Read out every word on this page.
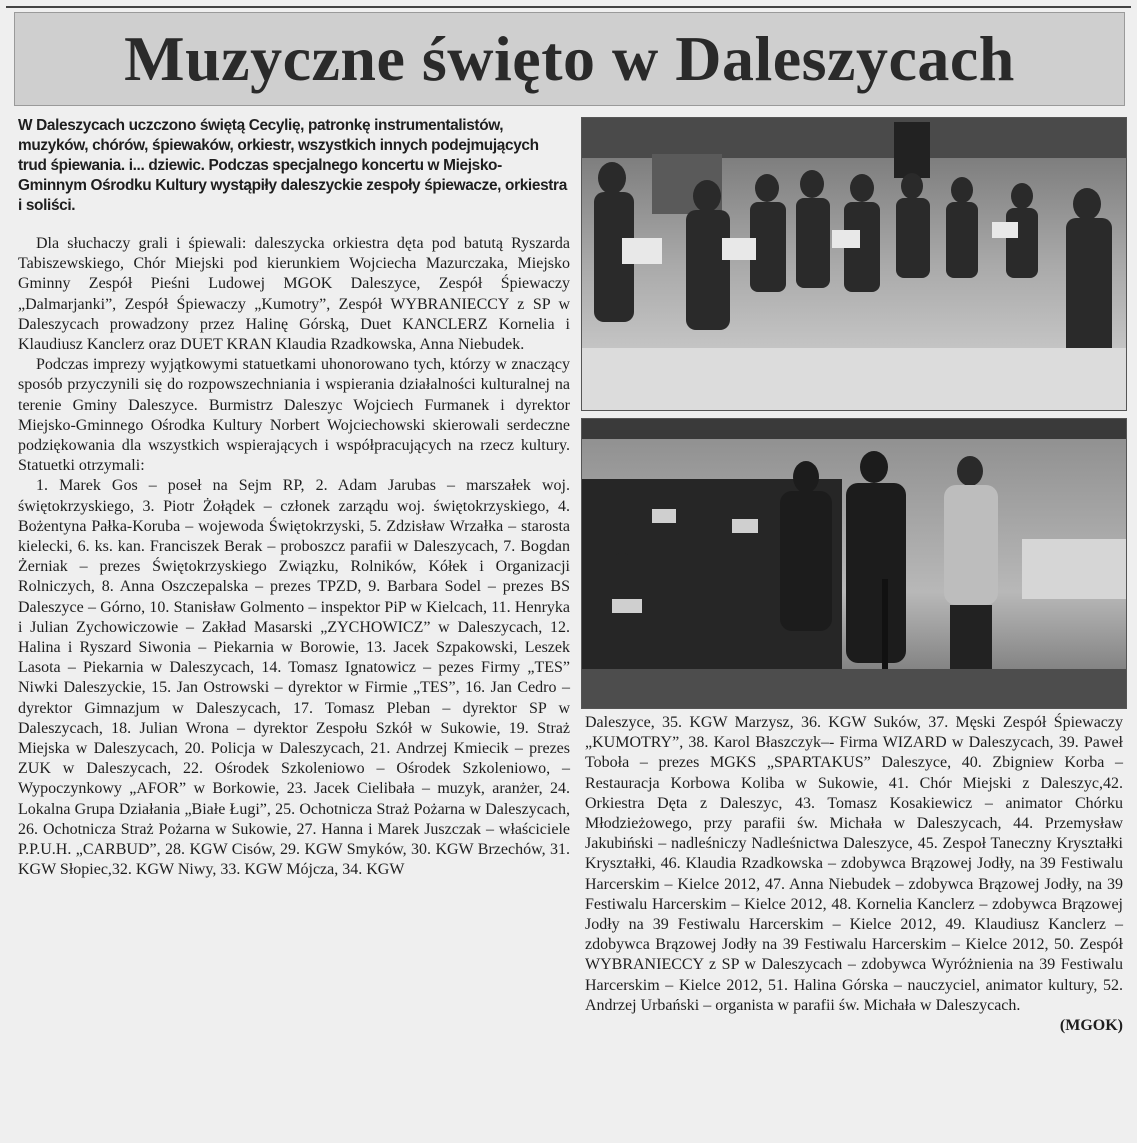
Muzyczne święto w Daleszycach

W Daleszycach uczczono świętą Cecylię, patronkę instrumentalistów, muzyków, chórów, śpiewaków, orkiestr, wszystkich innych podejmujących trud śpiewania. i... dziewic. Podczas specjalnego koncertu w Miejsko-Gminnym Ośrodku Kultury wystąpiły daleszyckie zespoły śpiewacze, orkiestra i soliści.

Dla słuchaczy grali i śpiewali: daleszycka orkiestra dęta pod batutą Ryszarda Tabiszewskiego, Chór Miejski pod kierunkiem Wojciecha Mazurczaka, Miejsko Gminny Zespół Pieśni Ludowej MGOK Daleszyce, Zespół Śpiewaczy „Dalmarjanki”, Zespół Śpiewaczy „Kumotry”, Zespół WYBRANIECCY z SP w Daleszycach prowadzony przez Halinę Górską, Duet KANCLERZ Kornelia i Klaudiusz Kanclerz oraz DUET KRAN Klaudia Rzadkowska, Anna Niebudek.

Podczas imprezy wyjątkowymi statuetkami uhonorowano tych, którzy w znaczący sposób przyczynili się do rozpowszechniania i wspierania działalności kulturalnej na terenie Gminy Daleszyce. Burmistrz Daleszyc Wojciech Furmanek i dyrektor Miejsko-Gminnego Ośrodka Kultury Norbert Wojciechowski skierowali serdeczne podziękowania dla wszystkich wspierających i współpracujących na rzecz kultury. Statuetki otrzymali:

1. Marek Gos – poseł na Sejm RP, 2. Adam Jarubas – marszałek woj. świętokrzyskiego, 3. Piotr Żołądek – członek zarządu woj. świętokrzyskiego, 4. Bożentyna Pałka-Koruba – wojewoda Świętokrzyski, 5. Zdzisław Wrzałka – starosta kielecki, 6. ks. kan. Franciszek Berak – proboszcz parafii w Daleszycach, 7. Bogdan Żerniak – prezes Świętokrzyskiego Związku, Rolników, Kółek i Organizacji Rolniczych, 8. Anna Oszczepalska – prezes TPZD, 9. Barbara Sodel – prezes BS Daleszyce – Górno, 10. Stanisław Golmento – inspektor PiP w Kielcach, 11. Henryka i Julian Zychowiczowie – Zakład Masarski „ZYCHOWICZ” w Daleszycach, 12. Halina i Ryszard Siwonia – Piekarnia w Borowie, 13. Jacek Szpakowski, Leszek Lasota – Piekarnia w Daleszycach, 14. Tomasz Ignatowicz – pezes Firmy „TES” Niwki Daleszyckie, 15. Jan Ostrowski – dyrektor w Firmie „TES”, 16. Jan Cedro – dyrektor Gimnazjum w Daleszycach, 17. Tomasz Pleban – dyrektor SP w Daleszycach, 18. Julian Wrona – dyrektor Zespołu Szkół w Sukowie, 19. Straż Miejska w Daleszycach, 20. Policja w Daleszycach, 21. Andrzej Kmiecik – prezes ZUK w Daleszycach, 22. Ośrodek Szkoleniowo – Ośrodek Szkoleniowo, – Wypoczynkowy „AFOR” w Borkowie, 23. Jacek Cielibała – muzyk, aranżer, 24. Lokalna Grupa Działania „Białe Ługi”, 25. Ochotnicza Straż Pożarna w Daleszycach, 26. Ochotnicza Straż Pożarna w Sukowie, 27. Hanna i Marek Juszczak – właściciele P.P.U.H. „CARBUD”, 28. KGW Cisów, 29. KGW Smyków, 30. KGW Brzechów, 31. KGW Słopiec,32. KGW Niwy, 33. KGW Mójcza, 34. KGW

Daleszyce, 35. KGW Marzysz, 36. KGW Suków, 37. Męski Zespół Śpiewaczy „KUMOTRY”, 38. Karol Błaszczyk–- Firma WIZARD w Daleszycach, 39. Paweł Toboła – prezes MGKS „SPARTAKUS” Daleszyce, 40. Zbigniew Korba – Restauracja Korbowa Koliba w Sukowie, 41. Chór Miejski z Daleszyc,42. Orkiestra Dęta z Daleszyc, 43. Tomasz Kosakiewicz – animator Chórku Młodzieżowego, przy parafii św. Michała w Daleszycach, 44. Przemysław Jakubiński – nadleśniczy Nadleśnictwa Daleszyce, 45. Zespoł Taneczny Kryształki Kryształki, 46. Klaudia Rzadkowska – zdobywca Brązowej Jodły, na 39 Festiwalu Harcerskim – Kielce 2012, 47. Anna Niebudek – zdobywca Brązowej Jodły, na 39 Festiwalu Harcerskim – Kielce 2012, 48. Kornelia Kanclerz – zdobywca Brązowej Jodły na 39 Festiwalu Harcerskim – Kielce 2012, 49. Klaudiusz Kanclerz – zdobywca Brązowej Jodły na 39 Festiwalu Harcerskim – Kielce 2012, 50. Zespół WYBRANIECCY z SP w Daleszycach – zdobywca Wyróżnienia na 39 Festiwalu Harcerskim – Kielce 2012, 51. Halina Górska – nauczyciel, animator kultury, 52. Andrzej Urbański – organista w parafii św. Michała w Daleszycach.
(MGOK)
